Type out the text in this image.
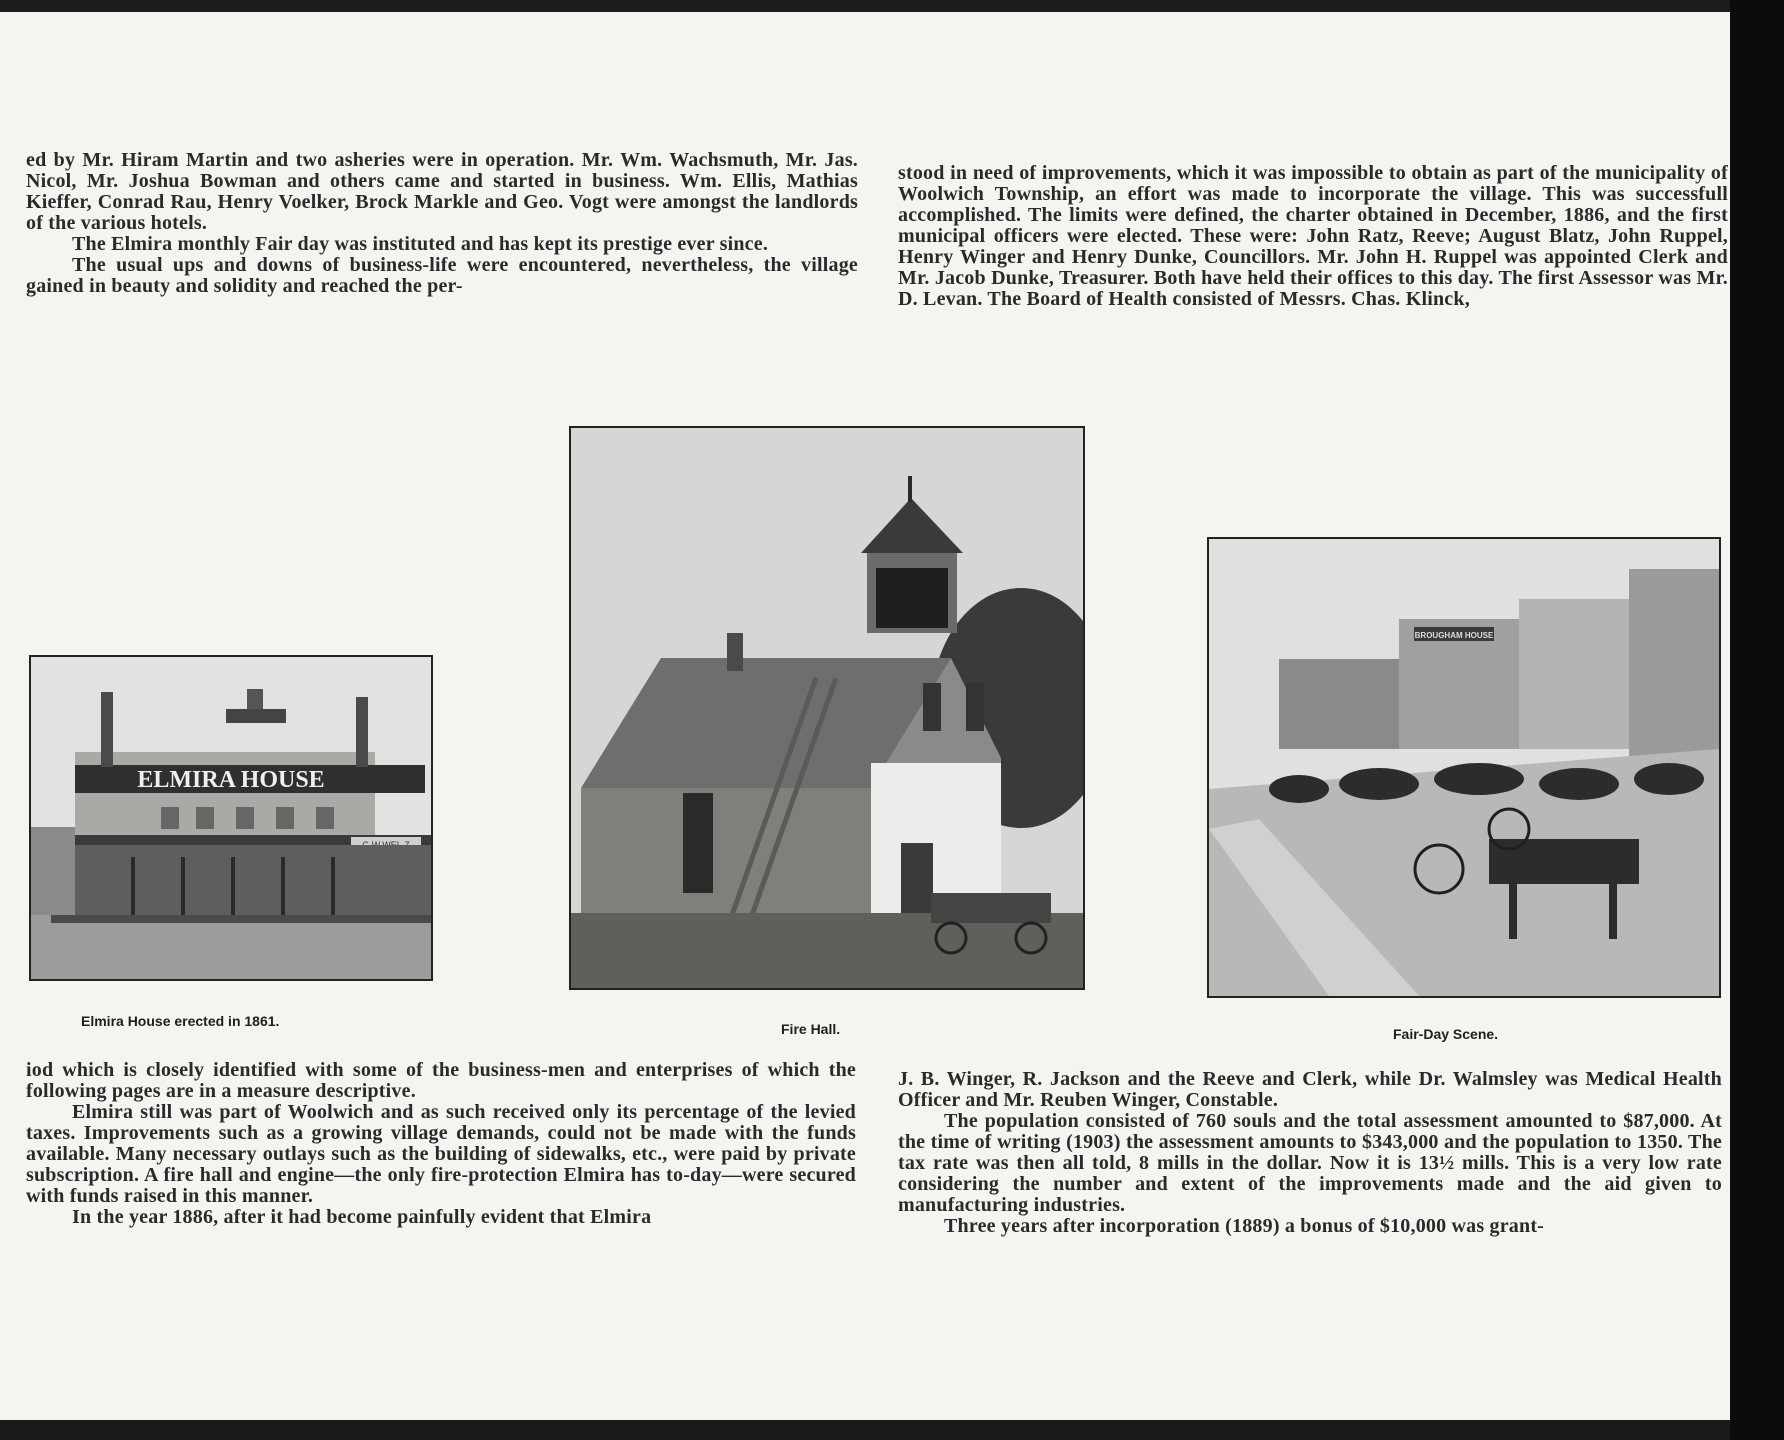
ed by Mr. Hiram Martin and two asheries were in operation. Mr. Wm. Wachsmuth, Mr. Jas. Nicol, Mr. Joshua Bowman and others came and started in business. Wm. Ellis, Mathias Kieffer, Conrad Rau, Henry Voelker, Brock Markle and Geo. Vogt were amongst the landlords of the various hotels.

The Elmira monthly Fair day was instituted and has kept its prestige ever since.

The usual ups and downs of business-life were encountered, nevertheless, the village gained in beauty and solidity and reached the per-

stood in need of improvements, which it was impossible to obtain as part of the municipality of Woolwich Township, an effort was made to incorporate the village. This was successfull accomplished. The limits were defined, the charter obtained in December, 1886, and the first municipal officers were elected. These were: John Ratz, Reeve; August Blatz, John Ruppel, Henry Winger and Henry Dunke, Councillors. Mr. John H. Ruppel was appointed Clerk and Mr. Jacob Dunke, Treasurer. Both have held their offices to this day. The first Assessor was Mr. D. Levan. The Board of Health consisted of Messrs. Chas. Klinck,

iod which is closely identified with some of the business-men and enterprises of which the following pages are in a measure descriptive.

Elmira still was part of Woolwich and as such received only its percentage of the levied taxes. Improvements such as a growing village demands, could not be made with the funds available. Many necessary outlays such as the building of sidewalks, etc., were paid by private subscription. A fire hall and engine—the only fire-protection Elmira has to-day—were secured with funds raised in this manner.

In the year 1886, after it had become painfully evident that Elmira

J. B. Winger, R. Jackson and the Reeve and Clerk, while Dr. Walmsley was Medical Health Officer and Mr. Reuben Winger, Constable.

The population consisted of 760 souls and the total assessment amounted to $87,000. At the time of writing (1903) the assessment amounts to $343,000 and the population to 1350. The tax rate was then all told, 8 mills in the dollar. Now it is 13½ mills. This is a very low rate considering the number and extent of the improvements made and the aid given to manufacturing industries.

Three years after incorporation (1889) a bonus of $10,000 was grant-

ELMIRA HOUSE
Elmira House erected in 1861.	Fire Hall.
BROUGHAM HOUSE
Fair-Day Scene.
